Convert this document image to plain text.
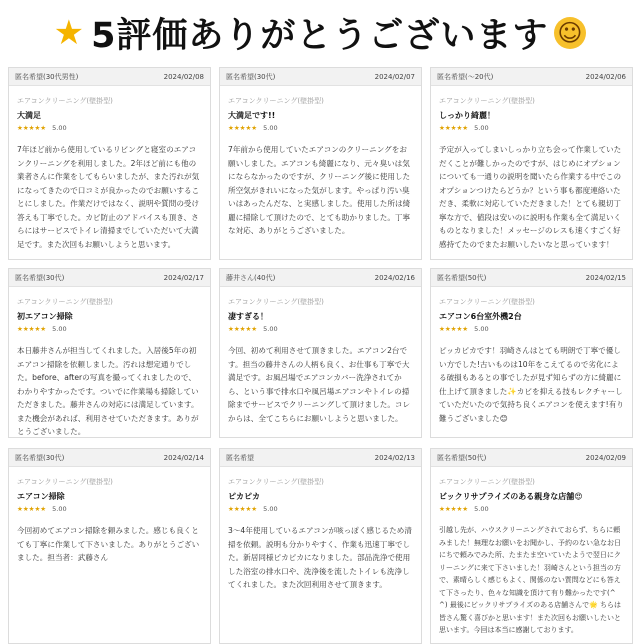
★ 5評価ありがとうございます ☺
匿名希望(30代男性)	2024/02/08
エアコンクリーニング(壁掛型)
大満足
★★★★★ 5.00
7年ほど前から使用しているリビングと寝室のエアコンクリーニングを利用しました。2年ほど前にも他の業者さんに作業をしてもらいましたが、また汚れが気になってきたので口コミが良かったのでお願いすることにしました。作業だけではなく、説明や質問の受け答えも丁寧でした。カビ防止のアドバイスも頂き、さらにはサービスでトイレ清掃までしていただいて大満足です。また次回もお願いしようと思います。
匿名希望(30代)	2024/02/07
エアコンクリーニング(壁掛型)
大満足です!!
★★★★★ 5.00
7年前から使用していたエアコンのクリーニングをお願いしました。エアコンも綺麗になり、元々臭いは気にならなかったのですが、クリーニング後に使用した所空気がきれいになった気がします。やっぱり汚い臭いはあったんだな、と実感しました。使用した所は綺麗に掃除して頂けたので、とても助かりました。丁寧な対応、ありがとうございました。
匿名希望(〜20代)	2024/02/06
エアコンクリーニング(壁掛型)
しっかり綺麗！
★★★★★ 5.00
予定が入ってしまいしっかり立ち会って作業していただくことが難しかったのですが、はじめにオプションについても一通りの説明を聞いたら作業する中でこのオプションつけたらどうか？という事も都度連絡いただき、柔軟に対応していただきました！とても親切丁寧な方で、値段は安いのに説明も作業も全て満足いくものとなりました！メッセージのレスも速くすごく好感持てたのでまたお願いしたいなと思っています！
匿名希望(30代)	2024/02/17
エアコンクリーニング(壁掛型)
初エアコン掃除
★★★★★ 5.00
本日藤井さんが担当してくれました。入居後5年の初エアコン掃除を依頼しました。汚れは想定通りでした。before、afterの写真を撮ってくれましたので、わかりやすかったです。ついでに作業場も掃除していただきました。藤井さんの対応には満足しています。また機会があれば、利用させていただきます。ありがとうございました。
藤井さん(40代)	2024/02/16
エアコンクリーニング(壁掛型)
凄すぎる！
★★★★★ 5.00
今回、初めて利用させて頂きました。エアコン2台です。担当の藤井さんの人柄も良く、お仕事も丁寧で大満足です。お風呂場でエアコンカバー洗浄されてから、という事で排水口や風呂場エアコンやトイレの掃除までサービスでクリーニングして頂けました。コレからは、全てこちらにお願いしようと思いました。
匿名希望(50代)	2024/02/15
エアコンクリーニング(壁掛型)
エアコン6台室外機2台
★★★★★ 5.00
ピッカピカです！羽崎さんはとても明朗で丁寧で優しい方でした!古いものは10年をこえてるので劣化による破損もあるとの事でしたが見ず知らずの方に綺麗に仕上げて頂きました✨カビを抑える技もレクチャーしていただいたので気持ち良くエアコンを使えます!有り難うございました😊
匿名希望(30代)	2024/02/14
エアコンクリーニング(壁掛型)
エアコン掃除
★★★★★ 5.00
今回初めてエアコン掃除を頼みました。感じも良くとても丁寧に作業して下さいました。ありがとうございました。担当者：武藤さん
匿名希望	2024/02/13
エアコンクリーニング(壁掛型)
ピカピカ
★★★★★ 5.00
3〜4年使用しているエアコンが咳っぽく感じるため清掃を依頼。説明も分かりやすく、作業も迅速丁寧でした。新居同様ピカピカになりました。部品洗浄で使用した浴室の排水口や、洗浄後を流したトイレも洗浄してくれました。また次回利用させて頂きます。
匿名希望(50代)	2024/02/09
エアコンクリーニング(壁掛型)
ビックリサプライズのある親身な店舗😍
★★★★★ 5.00
引越し先が、ハウスクリーニングされておらず、ちらに頼みました！無理なお願いをお聞かし、予約のない急なお日にちで頼みでみた所、たまたま空いていたようで翌日にクリーニングに来て下さいました！羽崎さんという担当の方で、素晴らしく感じもよく、関係のない質問などにも答えて下さったり、色々な知識を頂けて有り難かったです(^^) 最後にビックリサプライズのある店舗さんで🌟 ちらは皆さん驚く喜びかと思います！また次回もお願いしたいと思います。今回は本当に感謝しております。
